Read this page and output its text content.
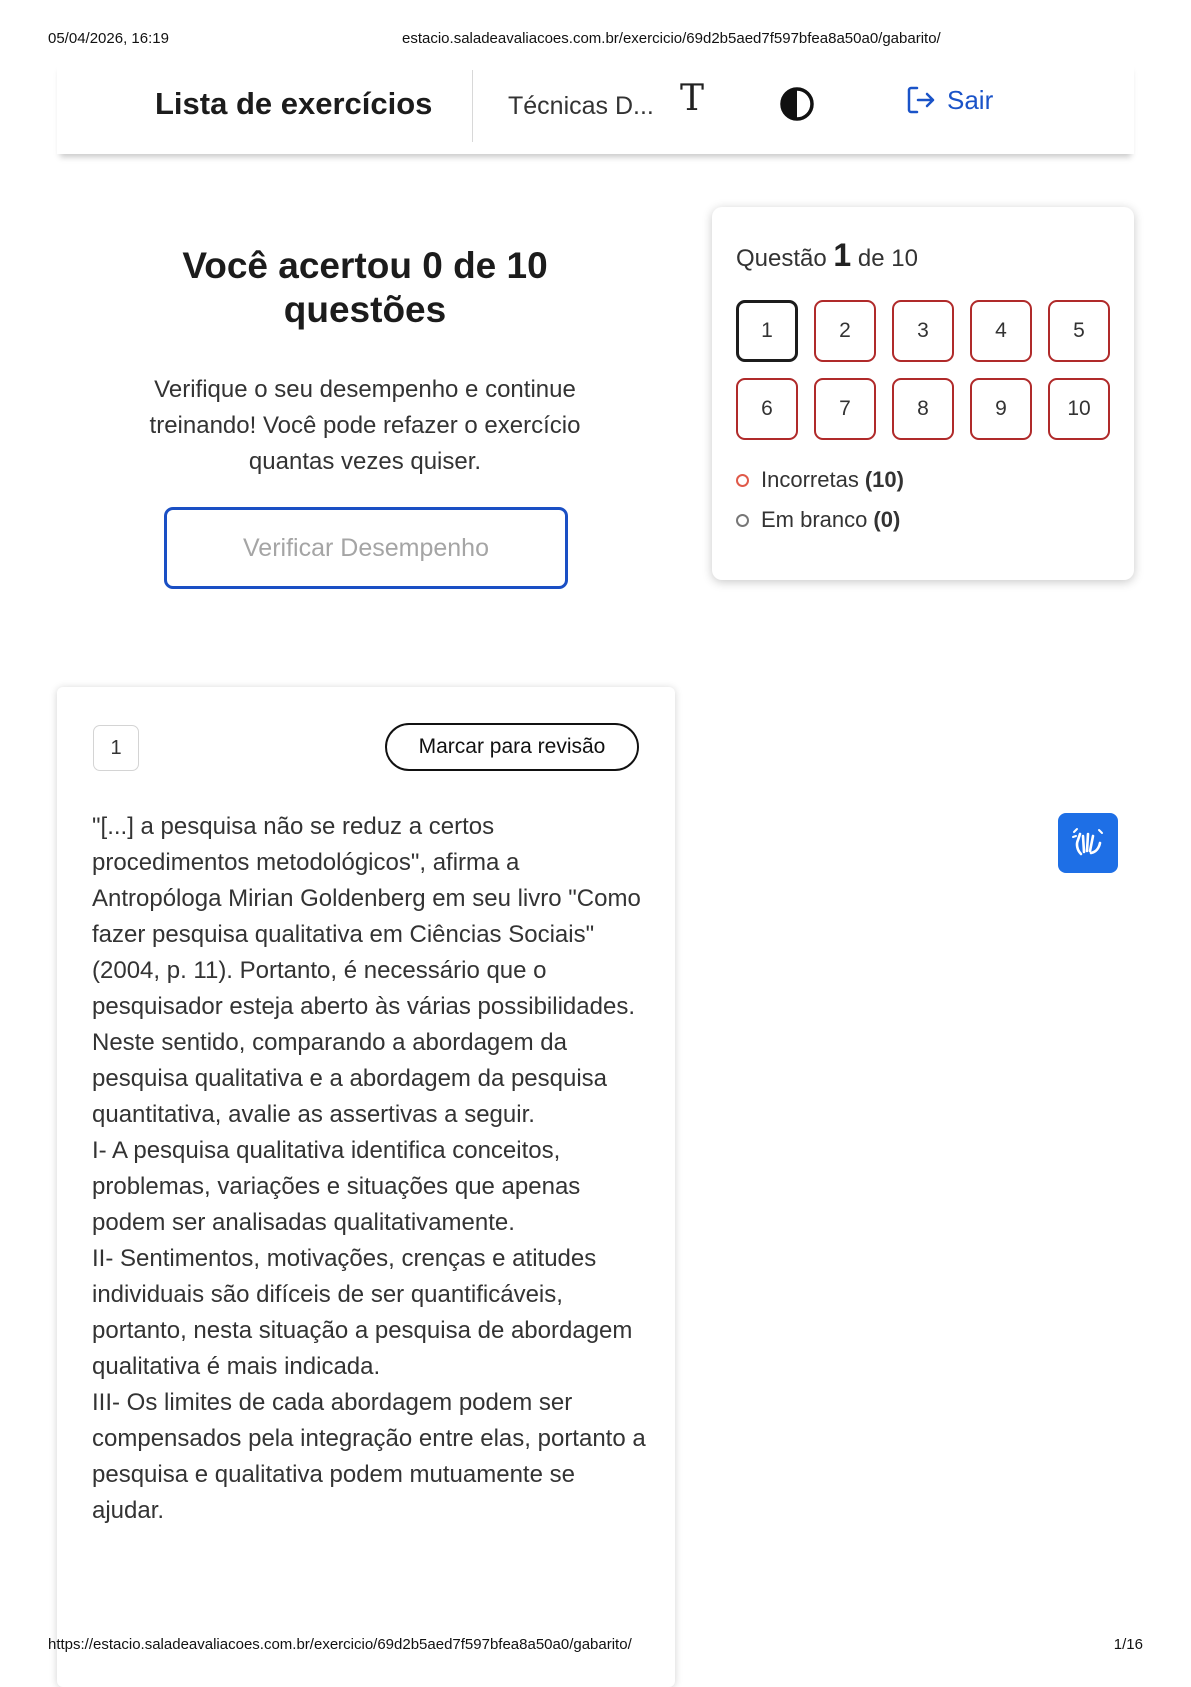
05/04/2026, 16:19	estacio.saladeavaliacoes.com.br/exercicio/69d2b5aed7f597bfea8a50a0/gabarito/
Lista de exercícios	Técnicas D... T	Sair
Você acertou 0 de 10 questões

Verifique o seu desempenho e continue treinando! Você pode refazer o exercício quantas vezes quiser.

Verificar Desempenho
Questão 1 de 10
1	2	3	4	5
6	7	8	9	10
Incorretas (10)
Em branco (0)
1	Marcar para revisão

"[...] a pesquisa não se reduz a certos procedimentos metodológicos", afirma a Antropóloga Mirian Goldenberg em seu livro "Como fazer pesquisa qualitativa em Ciências Sociais" (2004, p. 11). Portanto, é necessário que o pesquisador esteja aberto às várias possibilidades. Neste sentido, comparando a abordagem da pesquisa qualitativa e a abordagem da pesquisa quantitativa, avalie as assertivas a seguir.

I- A pesquisa qualitativa identifica conceitos, problemas, variações e situações que apenas podem ser analisadas qualitativamente.

II- Sentimentos, motivações, crenças e atitudes individuais são difíceis de ser quantificáveis, portanto, nesta situação a pesquisa de abordagem qualitativa é mais indicada.

III- Os limites de cada abordagem podem ser compensados pela integração entre elas, portanto a pesquisa e qualitativa podem mutuamente se ajudar.

https://estacio.saladeavaliacoes.com.br/exercicio/69d2b5aed7f597bfea8a50a0/gabarito/	1/16
